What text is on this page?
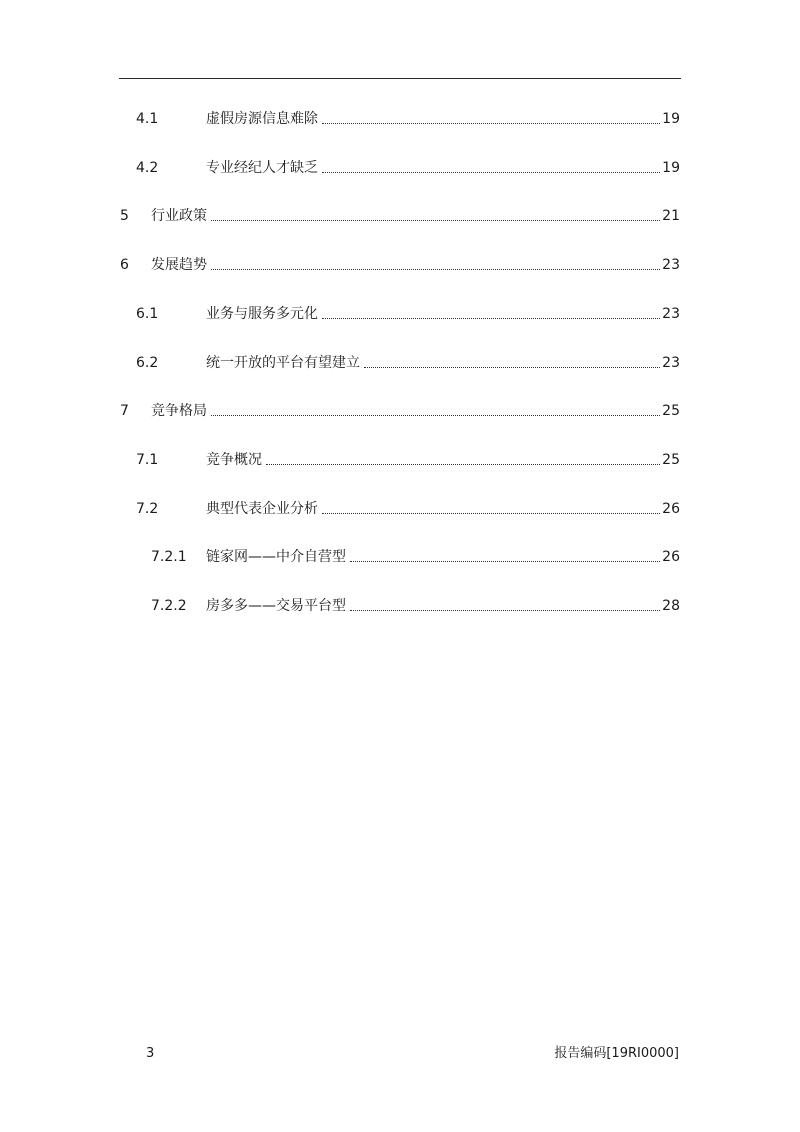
4.1	虚假房源信息难除	19
4.2	专业经纪人才缺乏	19
5	行业政策	21
6	发展趋势	23
6.1	业务与服务多元化	23
6.2	统一开放的平台有望建立	23
7	竞争格局	25
7.1	竞争概况	25
7.2	典型代表企业分析	26
7.2.1	链家网——中介自营型	26
7.2.2	房多多——交易平台型	28
3	报告编码[19RI0000]
